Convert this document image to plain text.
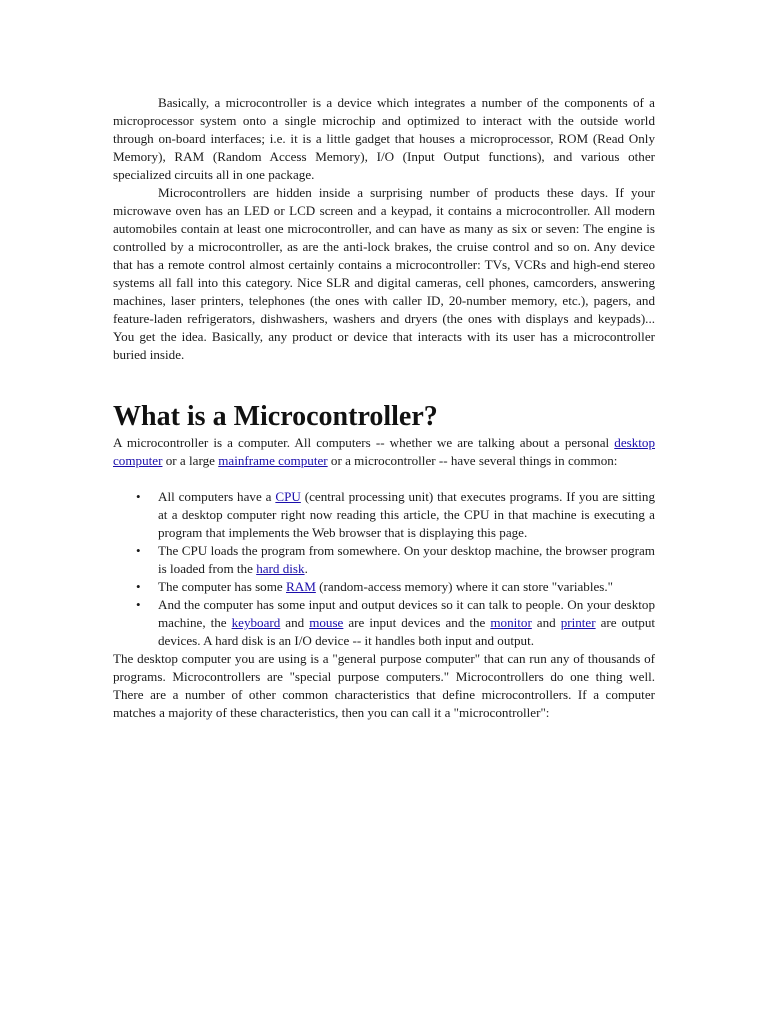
Basically, a microcontroller is a device which integrates a number of the components of a microprocessor system onto a single microchip and optimized to interact with the outside world through on-board interfaces; i.e. it is a little gadget that houses a microprocessor, ROM (Read Only Memory), RAM (Random Access Memory), I/O (Input Output functions), and various other specialized circuits all in one package.

Microcontrollers are hidden inside a surprising number of products these days. If your microwave oven has an LED or LCD screen and a keypad, it contains a microcontroller. All modern automobiles contain at least one microcontroller, and can have as many as six or seven: The engine is controlled by a microcontroller, as are the anti-lock brakes, the cruise control and so on. Any device that has a remote control almost certainly contains a microcontroller: TVs, VCRs and high-end stereo systems all fall into this category. Nice SLR and digital cameras, cell phones, camcorders, answering machines, laser printers, telephones (the ones with caller ID, 20-number memory, etc.), pagers, and feature-laden refrigerators, dishwashers, washers and dryers (the ones with displays and keypads)... You get the idea. Basically, any product or device that interacts with its user has a microcontroller buried inside.

What is a Microcontroller?

A microcontroller is a computer. All computers -- whether we are talking about a personal desktop computer or a large mainframe computer or a microcontroller -- have several things in common:

• All computers have a CPU (central processing unit) that executes programs. If you are sitting at a desktop computer right now reading this article, the CPU in that machine is executing a program that implements the Web browser that is displaying this page.
• The CPU loads the program from somewhere. On your desktop machine, the browser program is loaded from the hard disk.
• The computer has some RAM (random-access memory) where it can store "variables."
• And the computer has some input and output devices so it can talk to people. On your desktop machine, the keyboard and mouse are input devices and the monitor and printer are output devices. A hard disk is an I/O device -- it handles both input and output.

The desktop computer you are using is a "general purpose computer" that can run any of thousands of programs. Microcontrollers are "special purpose computers." Microcontrollers do one thing well. There are a number of other common characteristics that define microcontrollers. If a computer matches a majority of these characteristics, then you can call it a "microcontroller":
